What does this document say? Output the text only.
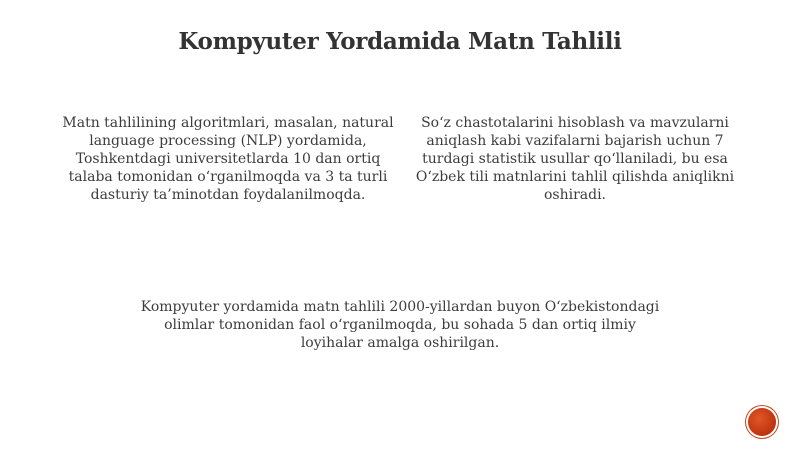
Kompyuter Yordamida Matn Tahlili
Matn tahlilining algoritmlari, masalan, natural language processing (NLP) yordamida, Toshkentdagi universitetlarda 10 dan ortiq talaba tomonidan o‘rganilmoqda va 3 ta turli dasturiy ta’minotdan foydalanilmoqda.
So‘z chastotalarini hisoblash va mavzularni aniqlash kabi vazifalarni bajarish uchun 7 turdagi statistik usullar qo‘llaniladi, bu esa O‘zbek tili matnlarini tahlil qilishda aniqlikni oshiradi.
Kompyuter yordamida matn tahlili 2000-yillardan buyon O‘zbekistondagi olimlar tomonidan faol o‘rganilmoqda, bu sohada 5 dan ortiq ilmiy loyihalar amalga oshirilgan.
